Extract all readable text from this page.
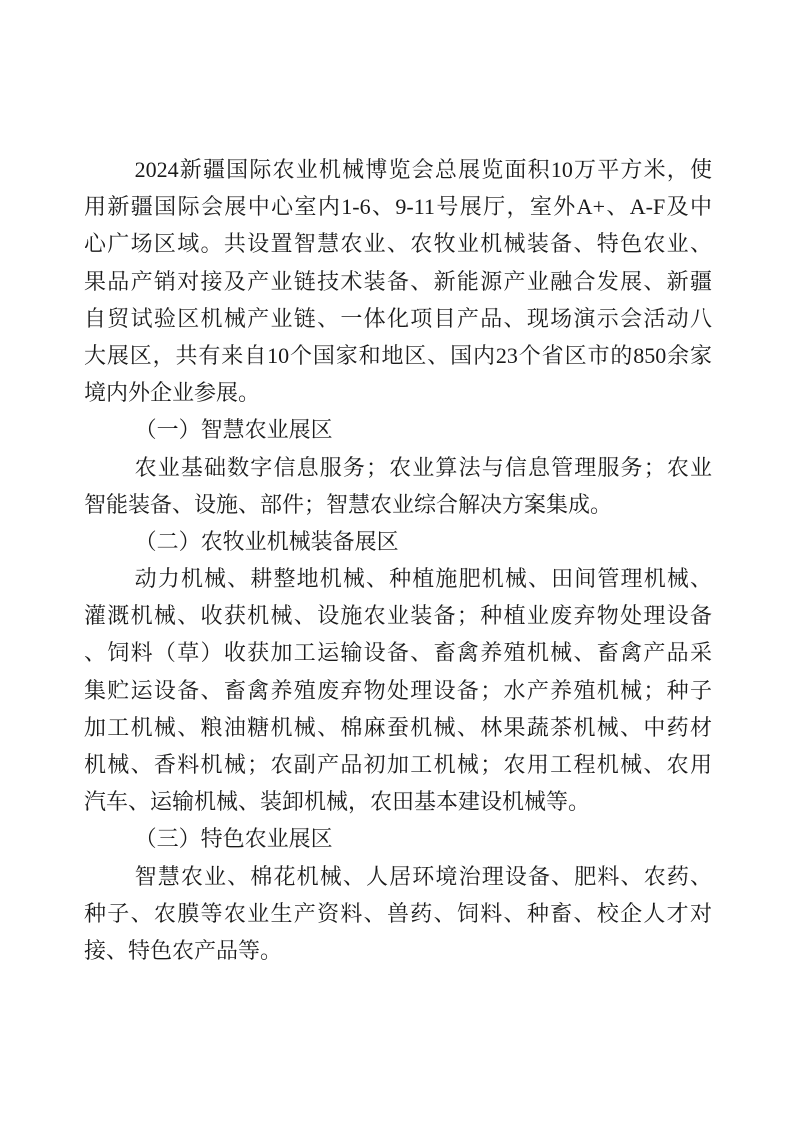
2024新疆国际农业机械博览会总展览面积10万平方米，使
用新疆国际会展中心室内1-6、9-11号展厅，室外A+、A-F及中
心广场区域。共设置智慧农业、农牧业机械装备、特色农业、
果品产销对接及产业链技术装备、新能源产业融合发展、新疆
自贸试验区机械产业链、一体化项目产品、现场演示会活动八
大展区，共有来自10个国家和地区、国内23个省区市的850余家
境内外企业参展。
（一）智慧农业展区
农业基础数字信息服务；农业算法与信息管理服务；农业
智能装备、设施、部件；智慧农业综合解决方案集成。
（二）农牧业机械装备展区
动力机械、耕整地机械、种植施肥机械、田间管理机械、
灌溉机械、收获机械、设施农业装备；种植业废弃物处理设备
、饲料（草）收获加工运输设备、畜禽养殖机械、畜禽产品采
集贮运设备、畜禽养殖废弃物处理设备；水产养殖机械；种子
加工机械、粮油糖机械、棉麻蚕机械、林果蔬茶机械、中药材
机械、香料机械；农副产品初加工机械；农用工程机械、农用
汽车、运输机械、装卸机械，农田基本建设机械等。
（三）特色农业展区
智慧农业、棉花机械、人居环境治理设备、肥料、农药、
种子、农膜等农业生产资料、兽药、饲料、种畜、校企人才对
接、特色农产品等。
